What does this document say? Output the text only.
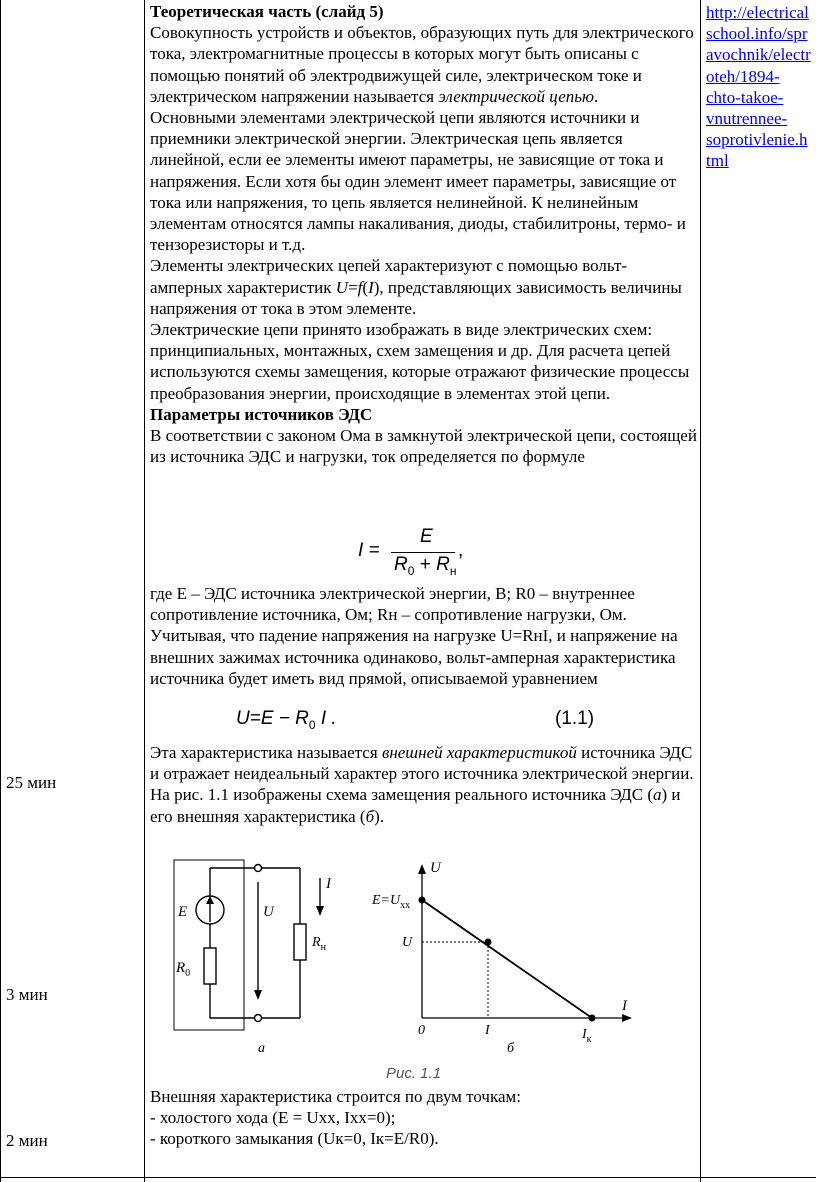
25 мин
3 мин
2 мин
http://electrical
school.info/spr
avochnik/electr
oteh/1894-
chto-takoe-
vnutrennee-
soprotivlenie.h
tml

Теоретическая часть (слайд 5)

Совокупность устройств и объектов, образующих путь для электрического тока, электромагнитные процессы в которых могут быть описаны с помощью понятий об электродвижущей силе, электрическом токе и электрическом напряжении называется электрической цепью.

Основными элементами электрической цепи являются источники и приемники электрической энергии. Электрическая цепь является линейной, если ее элементы имеют параметры, не зависящие от тока и напряжения. Если хотя бы один элемент имеет параметры, зависящие от тока или напряжения, то цепь является нелинейной. К нелинейным элементам относятся лампы накаливания, диоды, стабилитроны, термо- и тензорезисторы и т.д.

Элементы электрических цепей характеризуют с помощью вольт-амперных характеристик U=f(I), представляющих зависимость величины напряжения от тока в этом элементе.

Электрические цепи принято изображать в виде электрических схем: принципиальных, монтажных, схем замещения и др. Для расчета цепей используются схемы замещения, которые отражают физические процессы преобразования энергии, происходящие в элементах этой цепи.

Параметры источников ЭДС

В соответствии с законом Ома в замкнутой электрической цепи, состоящей из источника ЭДС и нагрузки, ток определяется по формуле

I =
E
$R_0 + R_н$
,

где Е – ЭДС источника электрической энергии, В; R0 – внутреннее сопротивление источника, Ом; Rн – сопротивление нагрузки, Ом.

Учитывая, что падение напряжения на нагрузке U=RнI, и напряжение на внешних зажимах источника одинаково, вольт-амперная характеристика источника будет иметь вид прямой, описываемой уравнением

$U=E - R_0$ I .	(1.1)

Эта характеристика называется внешней характеристикой источника ЭДС и отражает неидеальный характер этого источника электрической энергии.

На рис. 1.1 изображены схема замещения реального источника ЭДС (а) и его внешняя характеристика (б).

E
$R_0$
U
I
$R_н$
а
U
$E=U_{хх}$
U
0	I
I
$I_к$
б
Рис. 1.1

Внешняя характеристика строится по двум точкам:

- холостого хода (E = Uxx, Ixx=0);

- короткого замыкания (Uк=0, Iк=E/R0).
